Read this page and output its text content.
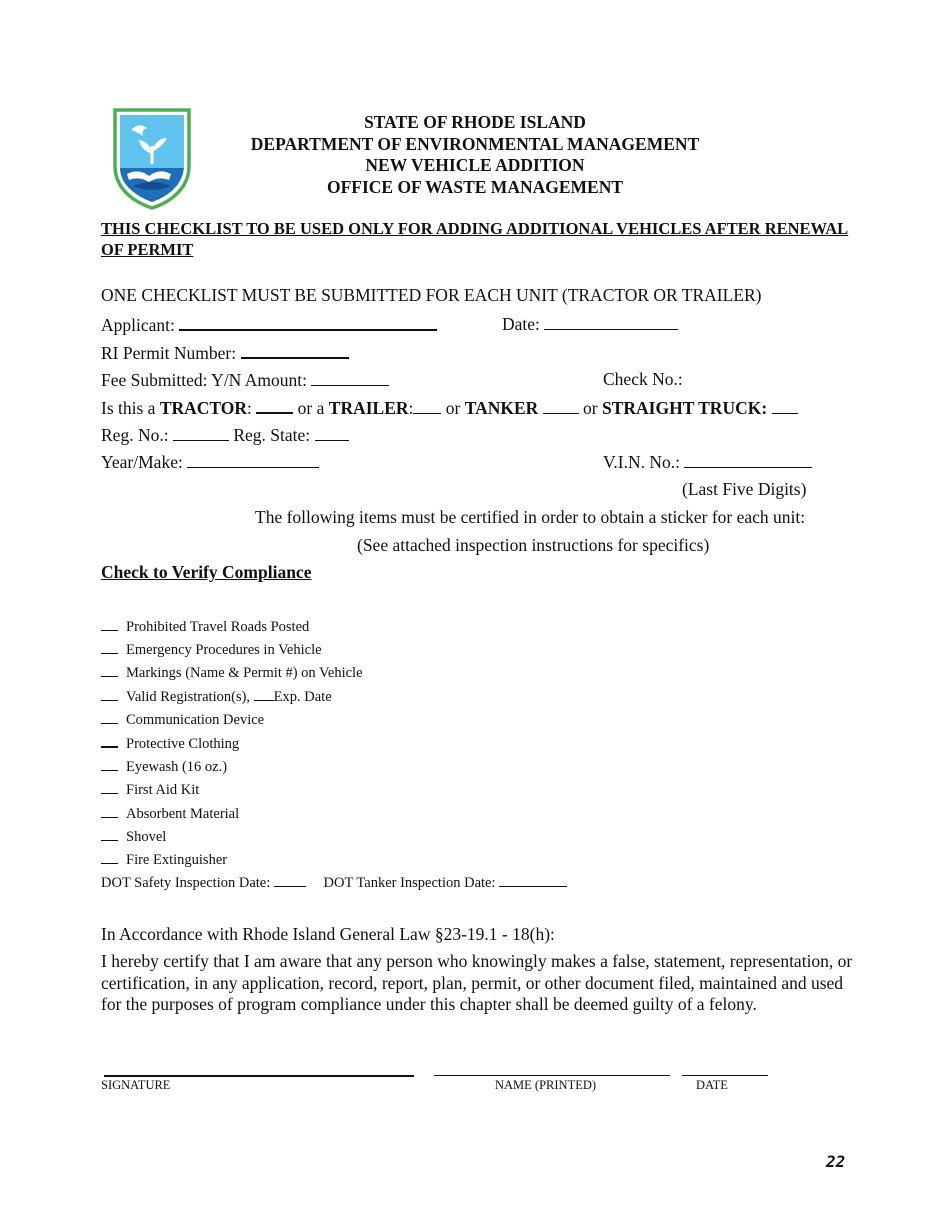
STATE OF RHODE ISLAND
DEPARTMENT OF ENVIRONMENTAL MANAGEMENT
NEW VEHICLE ADDITION
OFFICE OF WASTE MANAGEMENT
THIS CHECKLIST TO BE USED ONLY FOR ADDING ADDITIONAL VEHICLES AFTER RENEWAL OF PERMIT
ONE CHECKLIST MUST BE SUBMITTED FOR EACH UNIT (TRACTOR OR TRAILER)
Applicant:	Date:
RI Permit Number:
Fee Submitted: Y/N Amount:	Check No.:
Is this a TRACTOR:  or a TRAILER: or TANKER	or STRAIGHT TRUCK:
Reg. No.:	Reg. State:
Year/Make:	V.I.N. No.:
(Last Five Digits)
The following items must be certified in order to obtain a sticker for each unit:
(See attached inspection instructions for specifics)
Check to Verify Compliance
Prohibited Travel Roads Posted
Emergency Procedures in Vehicle
Markings (Name & Permit #) on Vehicle
Valid Registration(s), Exp. Date
Communication Device
Protective Clothing
Eyewash (16 oz.)
First Aid Kit
Absorbent Material
Shovel
Fire Extinguisher
DOT Safety Inspection Date:	DOT Tanker Inspection Date:
In Accordance with Rhode Island General Law §23-19.1 - 18(h):
I hereby certify that I am aware that any person who knowingly makes a false, statement, representation, or certification, in any application, record, report, plan, permit, or other document filed, maintained and used for the purposes of program compliance under this chapter shall be deemed guilty of a felony.
SIGNATURE	NAME (PRINTED)	DATE
22
